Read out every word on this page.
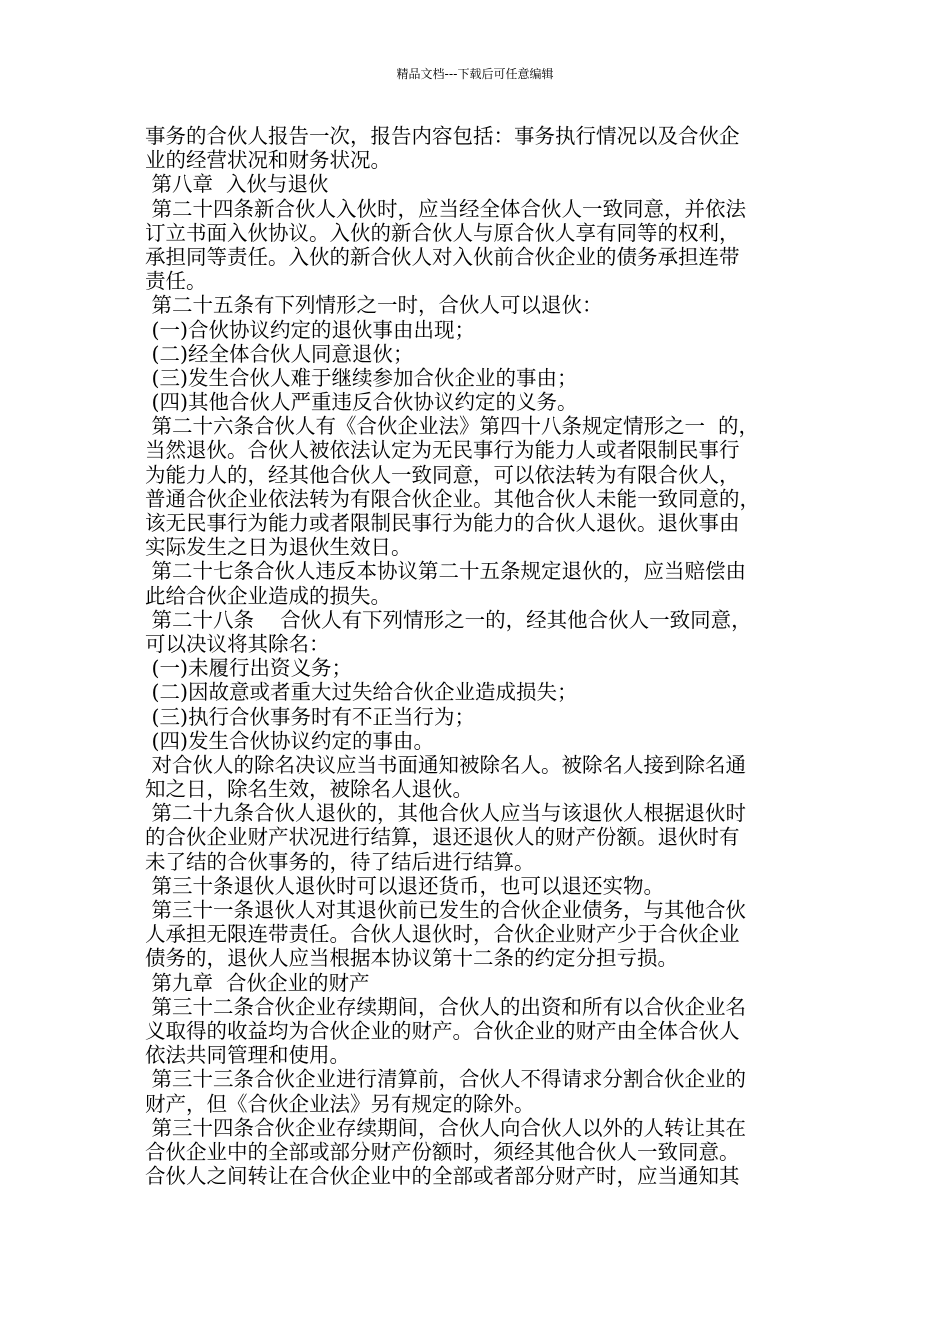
精品文档---下载后可任意编辑
事务的合伙人报告一次，报告内容包括：事务执行情况以及合伙企
业的经营状况和财务状况。
第八章  入伙与退伙
第二十四条新合伙人入伙时，应当经全体合伙人一致同意，并依法
订立书面入伙协议。入伙的新合伙人与原合伙人享有同等的权利，
承担同等责任。入伙的新合伙人对入伙前合伙企业的债务承担连带
责任。
第二十五条有下列情形之一时，合伙人可以退伙：
(一)合伙协议约定的退伙事由出现；
(二)经全体合伙人同意退伙；
(三)发生合伙人难于继续参加合伙企业的事由；
(四)其他合伙人严重违反合伙协议约定的义务。
第二十六条合伙人有《合伙企业法》第四十八条规定情形之一  的，
当然退伙。合伙人被依法认定为无民事行为能力人或者限制民事行
为能力人的，经其他合伙人一致同意，可以依法转为有限合伙人，
普通合伙企业依法转为有限合伙企业。其他合伙人未能一致同意的，
该无民事行为能力或者限制民事行为能力的合伙人退伙。退伙事由
实际发生之日为退伙生效日。
第二十七条合伙人违反本协议第二十五条规定退伙的，应当赔偿由
此给合伙企业造成的损失。
第二十八条    合伙人有下列情形之一的，经其他合伙人一致同意，
可以决议将其除名：
(一)未履行出资义务；
(二)因故意或者重大过失给合伙企业造成损失；
(三)执行合伙事务时有不正当行为；
(四)发生合伙协议约定的事由。
对合伙人的除名决议应当书面通知被除名人。被除名人接到除名通
知之日，除名生效，被除名人退伙。
第二十九条合伙人退伙的，其他合伙人应当与该退伙人根据退伙时
的合伙企业财产状况进行结算，退还退伙人的财产份额。退伙时有
未了结的合伙事务的，待了结后进行结算。
第三十条退伙人退伙时可以退还货币，也可以退还实物。
第三十一条退伙人对其退伙前已发生的合伙企业债务，与其他合伙
人承担无限连带责任。合伙人退伙时，合伙企业财产少于合伙企业
债务的，退伙人应当根据本协议第十二条的约定分担亏损。
第九章  合伙企业的财产
第三十二条合伙企业存续期间，合伙人的出资和所有以合伙企业名
义取得的收益均为合伙企业的财产。合伙企业的财产由全体合伙人
依法共同管理和使用。
第三十三条合伙企业进行清算前，合伙人不得请求分割合伙企业的
财产，但《合伙企业法》另有规定的除外。
第三十四条合伙企业存续期间，合伙人向合伙人以外的人转让其在
合伙企业中的全部或部分财产份额时，须经其他合伙人一致同意。
合伙人之间转让在合伙企业中的全部或者部分财产时，应当通知其
